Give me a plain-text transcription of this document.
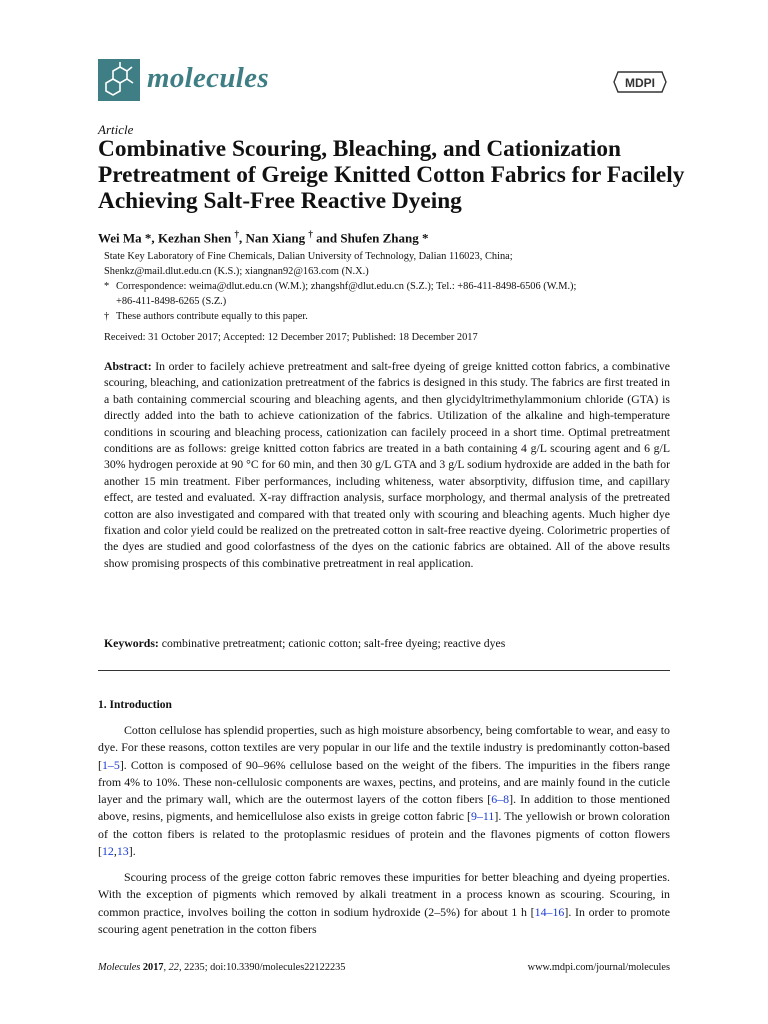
molecules	MDPI
Article
Combinative Scouring, Bleaching, and Cationization Pretreatment of Greige Knitted Cotton Fabrics for Facilely Achieving Salt-Free Reactive Dyeing
Wei Ma *, Kezhan Shen †, Nan Xiang † and Shufen Zhang *
State Key Laboratory of Fine Chemicals, Dalian University of Technology, Dalian 116023, China;
Shenkz@mail.dlut.edu.cn (K.S.); xiangnan92@163.com (N.X.)
* Correspondence: weima@dlut.edu.cn (W.M.); zhangshf@dlut.edu.cn (S.Z.); Tel.: +86-411-8498-6506 (W.M.);
+86-411-8498-6265 (S.Z.)
† These authors contribute equally to this paper.
Received: 31 October 2017; Accepted: 12 December 2017; Published: 18 December 2017
Abstract: In order to facilely achieve pretreatment and salt-free dyeing of greige knitted cotton fabrics, a combinative scouring, bleaching, and cationization pretreatment of the fabrics is designed in this study. The fabrics are first treated in a bath containing commercial scouring and bleaching agents, and then glycidyltrimethylammonium chloride (GTA) is directly added into the bath to achieve cationization of the fabrics. Utilization of the alkaline and high-temperature conditions in scouring and bleaching process, cationization can facilely proceed in a short time. Optimal pretreatment conditions are as follows: greige knitted cotton fabrics are treated in a bath containing 4 g/L scouring agent and 6 g/L 30% hydrogen peroxide at 90 °C for 60 min, and then 30 g/L GTA and 3 g/L sodium hydroxide are added in the bath for another 15 min treatment. Fiber performances, including whiteness, water absorptivity, diffusion time, and capillary effect, are tested and evaluated. X-ray diffraction analysis, surface morphology, and thermal analysis of the pretreated cotton are also investigated and compared with that treated only with scouring and bleaching agents. Much higher dye fixation and color yield could be realized on the pretreated cotton in salt-free reactive dyeing. Colorimetric properties of the dyes are studied and good colorfastness of the dyes on the cationic fabrics are obtained. All of the above results show promising prospects of this combinative pretreatment in real application.
Keywords: combinative pretreatment; cationic cotton; salt-free dyeing; reactive dyes
1. Introduction
Cotton cellulose has splendid properties, such as high moisture absorbency, being comfortable to wear, and easy to dye. For these reasons, cotton textiles are very popular in our life and the textile industry is predominantly cotton-based [1–5]. Cotton is composed of 90–96% cellulose based on the weight of the fibers. The impurities in the fibers range from 4% to 10%. These non-cellulosic components are waxes, pectins, and proteins, and are mainly found in the cuticle layer and the primary wall, which are the outermost layers of the cotton fibers [6–8]. In addition to those mentioned above, resins, pigments, and hemicellulose also exists in greige cotton fabric [9–11]. The yellowish or brown coloration of the cotton fibers is related to the protoplasmic residues of protein and the flavones pigments of cotton flowers [12,13].
Scouring process of the greige cotton fabric removes these impurities for better bleaching and dyeing properties. With the exception of pigments which removed by alkali treatment in a process known as scouring. Scouring, in common practice, involves boiling the cotton in sodium hydroxide (2–5%) for about 1 h [14–16]. In order to promote scouring agent penetration in the cotton fibers
Molecules 2017, 22, 2235; doi:10.3390/molecules22122235	www.mdpi.com/journal/molecules
